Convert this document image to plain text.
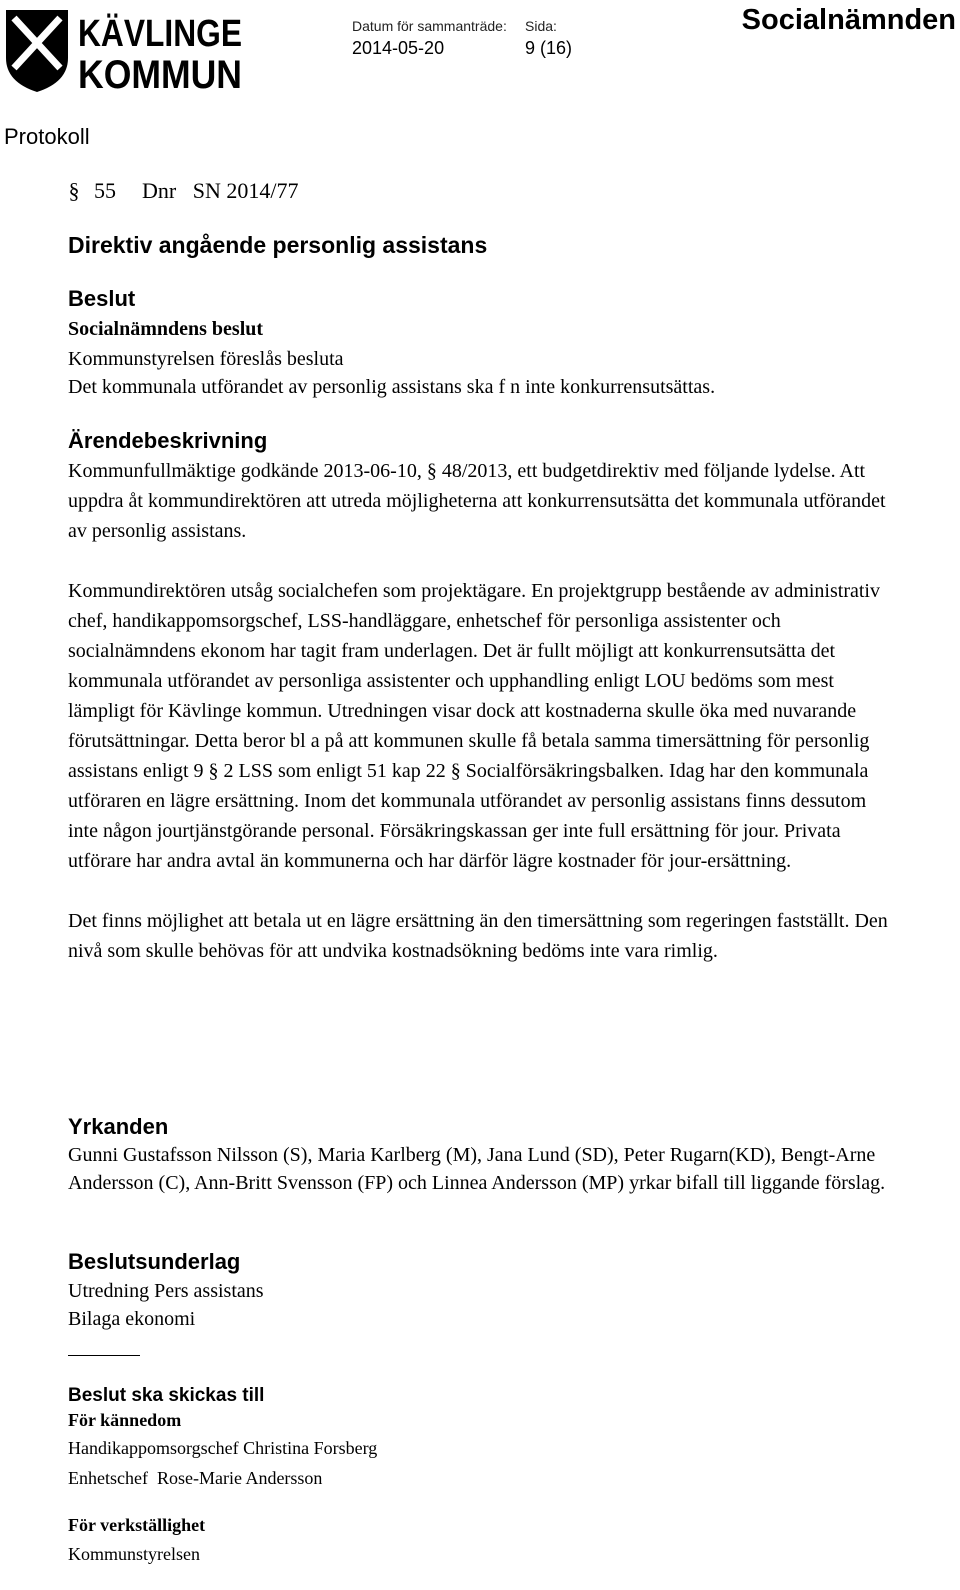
KÄVLINGE
KOMMUN
Datum för sammanträde:
2014-05-20
Sida:
9 (16)
Socialnämnden
Protokoll
§ 55 Dnr   SN 2014/77
Direktiv angående personlig assistans
Beslut
Socialnämndens beslut
Kommunstyrelsen föreslås besluta
Det kommunala utförandet av personlig assistans ska f n inte konkurrensutsättas.
Ärendebeskrivning

Kommunfullmäktige godkände 2013-06-10, § 48/2013, ett budgetdirektiv med följande lydelse. Att uppdra åt kommundirektören att utreda möjligheterna att konkurrensutsätta det kommunala utförandet av personlig assistans.

Kommundirektören utsåg socialchefen som projektägare. En projektgrupp bestående av administrativ chef, handikappomsorgschef, LSS-handläggare, enhetschef för personliga assistenter och socialnämndens ekonom har tagit fram underlagen. Det är fullt möjligt att konkurrensutsätta det kommunala utförandet av personliga assistenter och upphandling enligt LOU bedöms som mest lämpligt för Kävlinge kommun. Utredningen visar dock att kostnaderna skulle öka med nuvarande förutsättningar. Detta beror bl a på att kommunen skulle få betala samma timersättning för personlig assistans enligt 9 § 2 LSS som enligt 51 kap 22 § Socialförsäkringsbalken. Idag har den kommunala utföraren en lägre ersättning. Inom det kommunala utförandet av personlig assistans finns dessutom inte någon jourtjänstgörande personal. Försäkringskassan ger inte full ersättning för jour. Privata utförare har andra avtal än kommunerna och har därför lägre kostnader för jour-ersättning.

Det finns möjlighet att betala ut en lägre ersättning än den timersättning som regeringen fastställt. Den nivå som skulle behövas för att undvika kostnadsökning bedöms inte vara rimlig.

Yrkanden
Gunni Gustafsson Nilsson (S), Maria Karlberg (M), Jana Lund (SD), Peter Rugarn(KD), Bengt-Arne Andersson (C), Ann-Britt Svensson (FP) och Linnea Andersson (MP) yrkar bifall till liggande förslag.
Beslutsunderlag
Utredning Pers assistans
Bilaga ekonomi
Beslut ska skickas till
För kännedom
Handikappomsorgschef Christina Forsberg
Enhetschef  Rose-Marie Andersson
För verkställighet
Kommunstyrelsen
